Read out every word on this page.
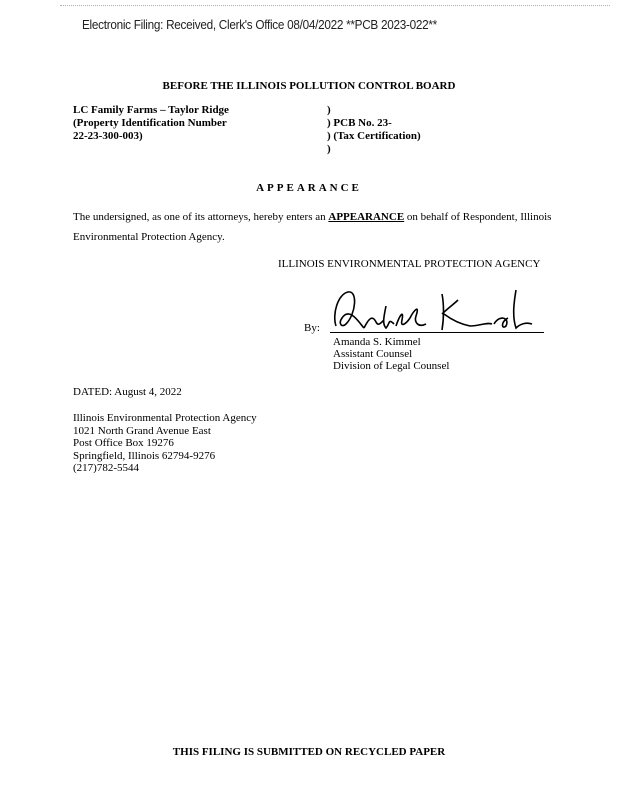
Electronic Filing: Received, Clerk's Office 08/04/2022 **PCB 2023-022**
BEFORE THE ILLINOIS POLLUTION CONTROL BOARD
LC Family Farms – Taylor Ridge
(Property Identification Number
22-23-300-003)
)
) PCB No. 23-
) (Tax Certification)
)
APPEARANCE
The undersigned, as one of its attorneys, hereby enters an APPEARANCE on behalf of Respondent, Illinois Environmental Protection Agency.
ILLINOIS ENVIRONMENTAL PROTECTION AGENCY
By:
Amanda S. Kimmel
Assistant Counsel
Division of Legal Counsel
DATED: August 4, 2022
Illinois Environmental Protection Agency
1021 North Grand Avenue East
Post Office Box 19276
Springfield, Illinois 62794-9276
(217)782-5544
THIS FILING IS SUBMITTED ON RECYCLED PAPER
